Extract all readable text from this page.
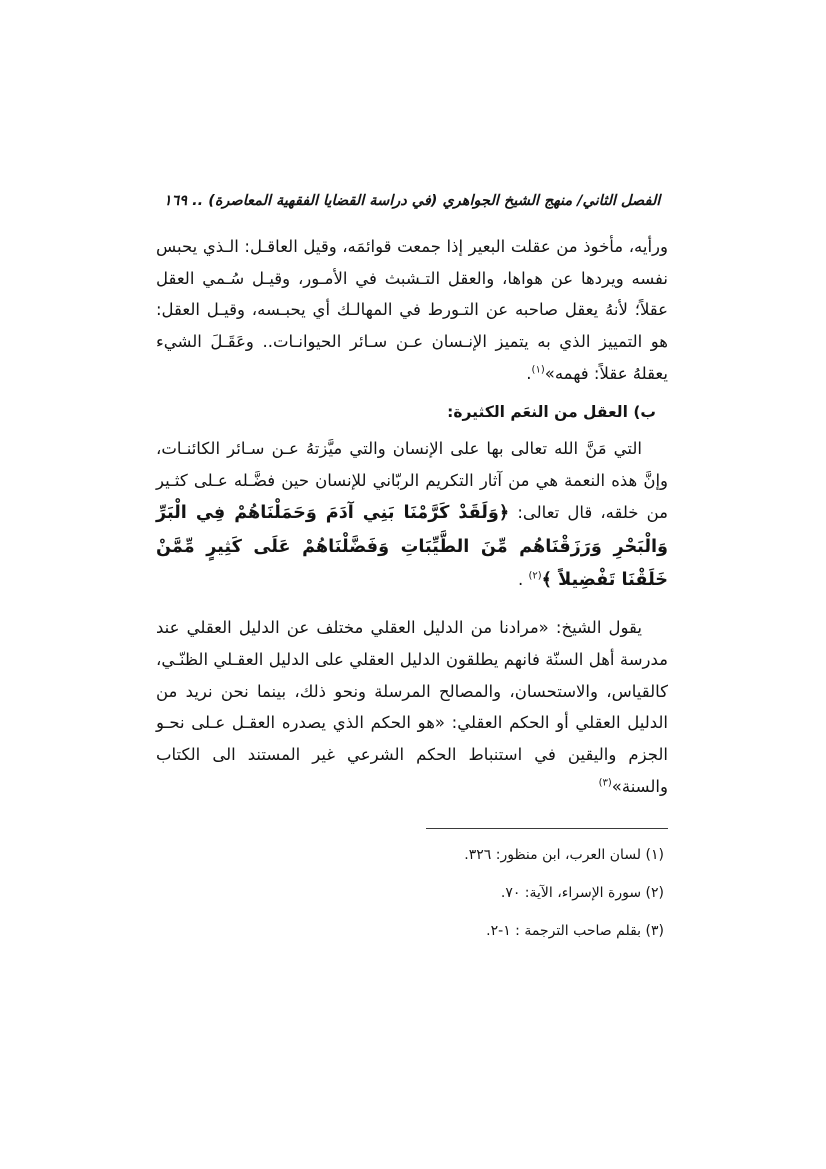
الفصل الثاني/ منهج الشيخ الجواهري (في دراسة القضايا الفقهية المعاصرة) .. ١٦٩

ورأيه، مأخوذ من عقلت البعير إذا جمعت قوائمَه، وقيل العاقـل: الـذي يحبس نفسه ويردها عن هواها، والعقل التـشبث في الأمـور، وقيـل سُـمي العقل عقلاً؛ لأنهُ يعقل صاحبه عن التـورط في المهالـك أي يحبـسه، وقيـل العقل: هو التمييز الذي به يتميز الإنـسان عـن سـائر الحيوانـات.. وعَقَـلَ الشيء يعقلهُ عقلاً: فهمه»$^{(١)}$.

ب) العقل من النعَم الكثيرة:

التي مَنَّ الله تعالى بها على الإنسان والتي ميَّزتهُ عـن سـائر الكائنـات، وإنَّ هذه النعمة هي من آثار التكريم الربّاني للإنسان حين فضَّـله عـلى كثـير من خلقه، قال تعالى: ﴿وَلَقَدْ كَرَّمْنَا بَنِي آدَمَ وَحَمَلْنَاهُمْ فِي الْبَرِّ وَالْبَحْرِ وَرَزَقْنَاهُم مِّنَ الطَّيِّبَاتِ وَفَضَّلْنَاهُمْ عَلَى كَثِيرٍ مِّمَّنْ خَلَقْنَا تَفْضِيلاً ﴾$^{(٢)}$ .

يقول الشيخ: «مرادنا من الدليل العقلي مختلف عن الدليل العقلي عند مدرسة أهل السنّة فانهم يطلقون الدليل العقلي على الدليل العقـلي الظنّـي، كالقياس، والاستحسان، والمصالح المرسلة ونحو ذلك، بينما نحن نريد من الدليل العقلي أو الحكم العقلي: «هو الحكم الذي يصدره العقـل عـلى نحـو الجزم واليقين في استنباط الحكم الشرعي غير المستند الى الكتاب والسنة»$^{(٣)}$

(١) لسان العرب، ابن منظور: ٣٢٦.
(٢) سورة الإسراء، الآية: ٧٠.
(٣) بقلم صاحب الترجمة : ١-٢.
